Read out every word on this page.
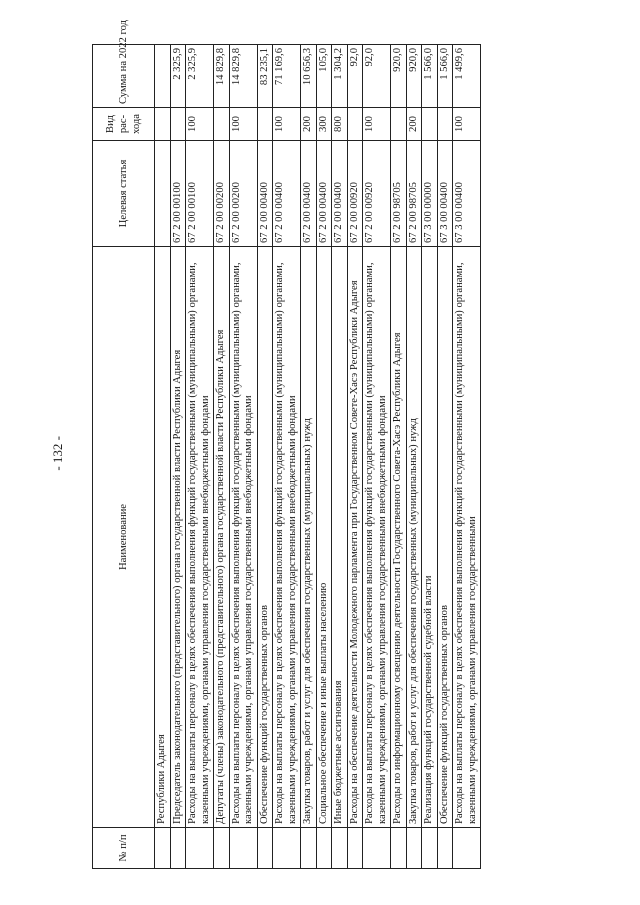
- 132 -
№ п/п	Наименование	Целевая статья	Вид рас-хода	Сумма на 2022 год
	Республики Адыгея			
	Председатель законодательного (представительного) органа государственной власти Республики Адыгея	67 2 00 00100		2 325,9
	Расходы на выплаты персоналу в целях обеспечения выполнения функций государственными (муниципальными) органами, казенными учреждениями, органами управления государственными внебюджетными фондами	67 2 00 00100	100	2 325,9
	Депутаты (члены) законодательного (представительного) органа государственной власти Республики Адыгея	67 2 00 00200		14 829,8
	Расходы на выплаты персоналу в целях обеспечения выполнения функций государственными (муниципальными) органами, казенными учреждениями, органами управления государственными внебюджетными фондами	67 2 00 00200	100	14 829,8
	Обеспечение функций государственных органов	67 2 00 00400		83 235,1
	Расходы на выплаты персоналу в целях обеспечения выполнения функций государственными (муниципальными) органами, казенными учреждениями, органами управления государственными внебюджетными фондами	67 2 00 00400	100	71 169,6
	Закупка товаров, работ и услуг для обеспечения государственных (муниципальных) нужд	67 2 00 00400	200	10 656,3
	Социальное обеспечение и иные выплаты населению	67 2 00 00400	300	105,0
	Иные бюджетные ассигнования	67 2 00 00400	800	1 304,2
	Расходы на обеспечение деятельности Молодежного парламента при Государственном Совете-Хасэ Республики Адыгея	67 2 00 00920		92,0
	Расходы на выплаты персоналу в целях обеспечения выполнения функций государственными (муниципальными) органами, казенными учреждениями, органами управления государственными внебюджетными фондами	67 2 00 00920	100	92,0
	Расходы по информационному освещению деятельности Государственного Совета-Хасэ Республики Адыгея	67 2 00 98705		920,0
	Закупка товаров, работ и услуг для обеспечения государственных (муниципальных) нужд	67 2 00 98705	200	920,0
	Реализация функций государственной судебной власти	67 3 00 00000		1 566,0
	Обеспечение функций государственных органов	67 3 00 00400		1 566,0
	Расходы на выплаты персоналу в целях обеспечения выполнения функций государственными (муниципальными) органами, казенными учреждениями, органами управления государственными	67 3 00 00400	100	1 499,6
